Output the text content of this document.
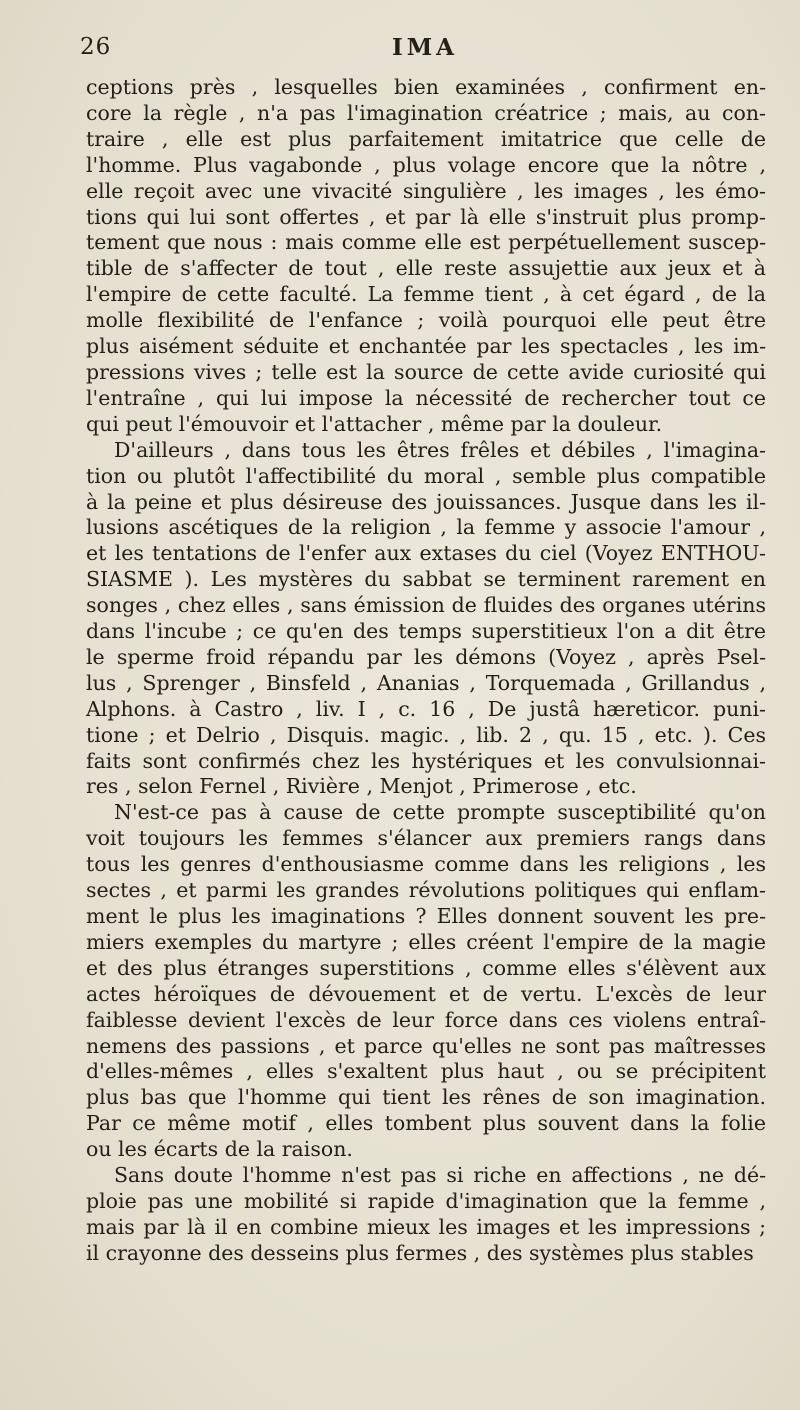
26	IMA
ceptions près , lesquelles bien examinées , confirment en-
core la règle , n'a pas l'imagination créatrice ; mais, au con-
traire , elle est plus parfaitement imitatrice que celle de
l'homme. Plus vagabonde , plus volage encore que la nôtre ,
elle reçoit avec une vivacité singulière , les images , les émo-
tions qui lui sont offertes , et par là elle s'instruit plus promp-
tement que nous : mais comme elle est perpétuellement suscep-
tible de s'affecter de tout , elle reste assujettie aux jeux et à
l'empire de cette faculté. La femme tient , à cet égard , de la
molle flexibilité de l'enfance ; voilà pourquoi elle peut être
plus aisément séduite et enchantée par les spectacles , les im-
pressions vives ; telle est la source de cette avide curiosité qui
l'entraîne , qui lui impose la nécessité de rechercher tout ce
qui peut l'émouvoir et l'attacher , même par la douleur.
D'ailleurs , dans tous les êtres frêles et débiles , l'imagina-
tion ou plutôt l'affectibilité du moral , semble plus compatible
à la peine et plus désireuse des jouissances. Jusque dans les il-
lusions ascétiques de la religion , la femme y associe l'amour ,
et les tentations de l'enfer aux extases du ciel (Voyez ENTHOU-
SIASME ). Les mystères du sabbat se terminent rarement en
songes , chez elles , sans émission de fluides des organes utérins
dans l'incube ; ce qu'en des temps superstitieux l'on a dit être
le sperme froid répandu par les démons (Voyez , après Psel-
lus , Sprenger , Binsfeld , Ananias , Torquemada , Grillandus ,
Alphons. à Castro , liv. I , c. 16 , De justâ hæreticor. puni-
tione ; et Delrio , Disquis. magic. , lib. 2 , qu. 15 , etc. ). Ces
faits sont confirmés chez les hystériques et les convulsionnai-
res , selon Fernel , Rivière , Menjot , Primerose , etc.
N'est-ce pas à cause de cette prompte susceptibilité qu'on
voit toujours les femmes s'élancer aux premiers rangs dans
tous les genres d'enthousiasme comme dans les religions , les
sectes , et parmi les grandes révolutions politiques qui enflam-
ment le plus les imaginations ? Elles donnent souvent les pre-
miers exemples du martyre ; elles créent l'empire de la magie
et des plus étranges superstitions , comme elles s'élèvent aux
actes héroïques de dévouement et de vertu. L'excès de leur
faiblesse devient l'excès de leur force dans ces violens entraî-
nemens des passions , et parce qu'elles ne sont pas maîtresses
d'elles-mêmes , elles s'exaltent plus haut , ou se précipitent
plus bas que l'homme qui tient les rênes de son imagination.
Par ce même motif , elles tombent plus souvent dans la folie
ou les écarts de la raison.
Sans doute l'homme n'est pas si riche en affections , ne dé-
ploie pas une mobilité si rapide d'imagination que la femme ,
mais par là il en combine mieux les images et les impressions ;
il crayonne des desseins plus fermes , des systèmes plus stables
